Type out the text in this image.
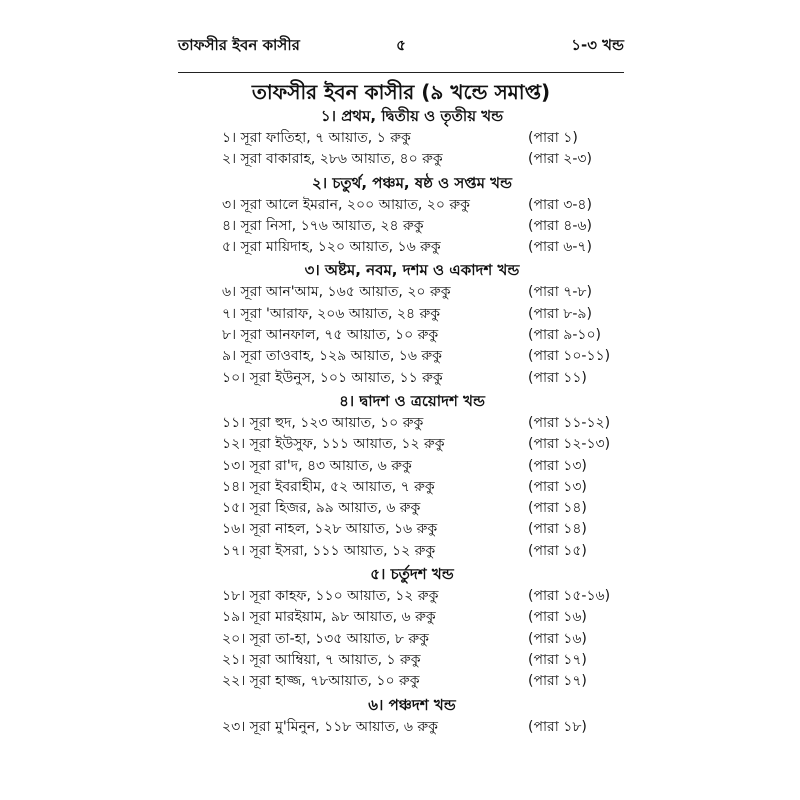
তাফসীর ইবন কাসীর	৫	১-৩ খন্ড
তাফসীর ইবন কাসীর (৯ খন্ডে সমাপ্ত)
১। প্রথম, দ্বিতীয় ও তৃতীয় খন্ড
১। সূরা ফাতিহা, ৭ আয়াত, ১ রুকু	(পারা ১)
২। সূরা বাকারাহ, ২৮৬ আয়াত, ৪০ রুকু	(পারা ২-৩)
২। চতুর্থ, পঞ্চম, ষষ্ঠ ও সপ্তম খন্ড
৩। সূরা আলে ইমরান, ২০০ আয়াত, ২০ রুকু	(পারা ৩-৪)
৪। সূরা নিসা, ১৭৬ আয়াত, ২৪ রুকু	(পারা ৪-৬)
৫। সূরা মায়িদাহ, ১২০ আয়াত, ১৬ রুকু	(পারা ৬-৭)
৩। অষ্টম, নবম, দশম ও একাদশ খন্ড
৬। সূরা আন'আম, ১৬৫ আয়াত, ২০ রুকু	(পারা ৭-৮)
৭। সূরা 'আরাফ, ২০৬ আয়াত, ২৪ রুকু	(পারা ৮-৯)
৮। সূরা আনফাল, ৭৫ আয়াত, ১০ রুকু	(পারা ৯-১০)
৯। সূরা তাওবাহ, ১২৯ আয়াত, ১৬ রুকু	(পারা ১০-১১)
১০। সূরা ইউনুস, ১০১ আয়াত, ১১ রুকু	(পারা ১১)
৪। দ্বাদশ ও ত্রয়োদশ খন্ড
১১। সূরা হুদ, ১২৩ আয়াত, ১০ রুকু	(পারা ১১-১২)
১২। সূরা ইউসুফ, ১১১ আয়াত, ১২ রুকু	(পারা ১২-১৩)
১৩। সূরা রা'দ, ৪৩ আয়াত, ৬ রুকু	(পারা ১৩)
১৪। সূরা ইবরাহীম, ৫২ আয়াত, ৭ রুকু	(পারা ১৩)
১৫। সূরা হিজর, ৯৯ আয়াত, ৬ রুকু	(পারা ১৪)
১৬। সূরা নাহল, ১২৮ আয়াত, ১৬ রুকু	(পারা ১৪)
১৭। সূরা ইসরা, ১১১ আয়াত, ১২ রুকু	(পারা ১৫)
৫। চর্তুদশ খন্ড
১৮। সূরা কাহফ, ১১০ আয়াত, ১২ রুকু	(পারা ১৫-১৬)
১৯। সূরা মারইয়াম, ৯৮ আয়াত, ৬ রুকু	(পারা ১৬)
২০। সূরা তা-হা, ১৩৫ আয়াত, ৮ রুকু	(পারা ১৬)
২১। সূরা আম্বিয়া, ৭ আয়াত, ১ রুকু	(পারা ১৭)
২২। সূরা হাজ্জ, ৭৮আয়াত, ১০ রুকু	(পারা ১৭)
৬। পঞ্চদশ খন্ড
২৩। সূরা মু'মিনুন, ১১৮ আয়াত, ৬ রুকু	(পারা ১৮)
